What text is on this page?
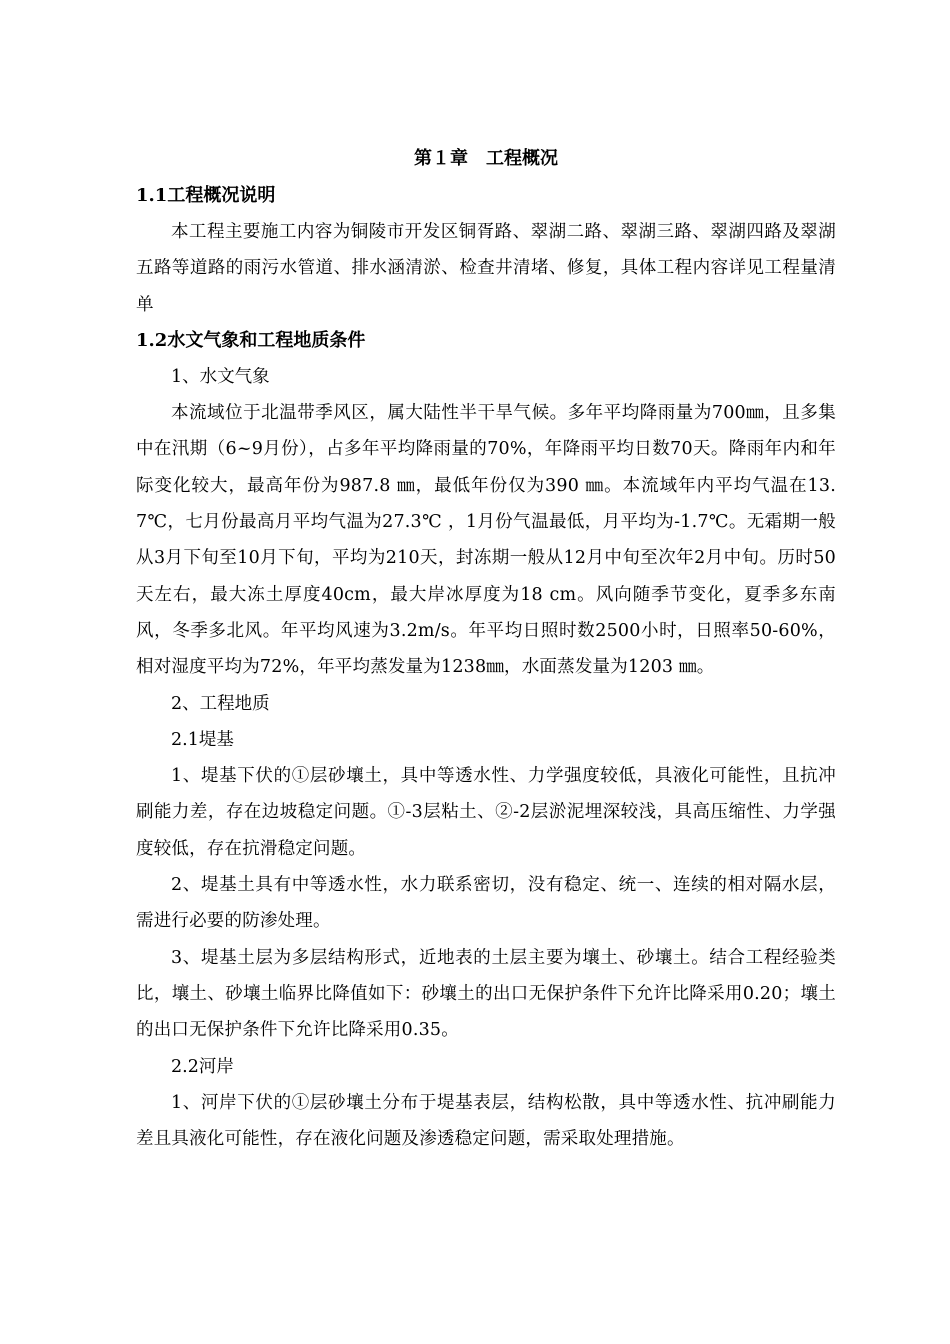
第１章　工程概况
1.1工程概况说明

本工程主要施工内容为铜陵市开发区铜胥路、翠湖二路、翠湖三路、翠湖四路及翠湖五路等道路的雨污水管道、排水涵清淤、检查井清堵、修复，具体工程内容详见工程量清单

1.2水文气象和工程地质条件
1、水文气象

本流域位于北温带季风区，属大陆性半干旱气候。多年平均降雨量为700㎜，且多集中在汛期（6~9月份），占多年平均降雨量的70%，年降雨平均日数70天。降雨年内和年际变化较大，最高年份为987.8 ㎜，最低年份仅为390 ㎜。本流域年内平均气温在13.7℃，七月份最高月平均气温为27.3℃ ，1月份气温最低，月平均为-1.7℃。无霜期一般从3月下旬至10月下旬，平均为210天，封冻期一般从12月中旬至次年2月中旬。历时50天左右，最大冻土厚度40cm，最大岸冰厚度为18 cm。风向随季节变化，夏季多东南风，冬季多北风。年平均风速为3.2m/s。年平均日照时数2500小时，日照率50-60%，相对湿度平均为72%，年平均蒸发量为1238㎜，水面蒸发量为1203 ㎜。

2、工程地质
2.1堤基

1、堤基下伏的①层砂壤土，具中等透水性、力学强度较低，具液化可能性，且抗冲刷能力差，存在边坡稳定问题。①-3层粘土、②-2层淤泥埋深较浅，具高压缩性、力学强度较低，存在抗滑稳定问题。

2、堤基土具有中等透水性，水力联系密切，没有稳定、统一、连续的相对隔水层，需进行必要的防渗处理。

3、堤基土层为多层结构形式，近地表的土层主要为壤土、砂壤土。结合工程经验类比，壤土、砂壤土临界比降值如下：砂壤土的出口无保护条件下允许比降采用0.20；壤土的出口无保护条件下允许比降采用0.35。

2.2河岸

1、河岸下伏的①层砂壤土分布于堤基表层，结构松散，具中等透水性、抗冲刷能力差且具液化可能性，存在液化问题及渗透稳定问题，需采取处理措施。
